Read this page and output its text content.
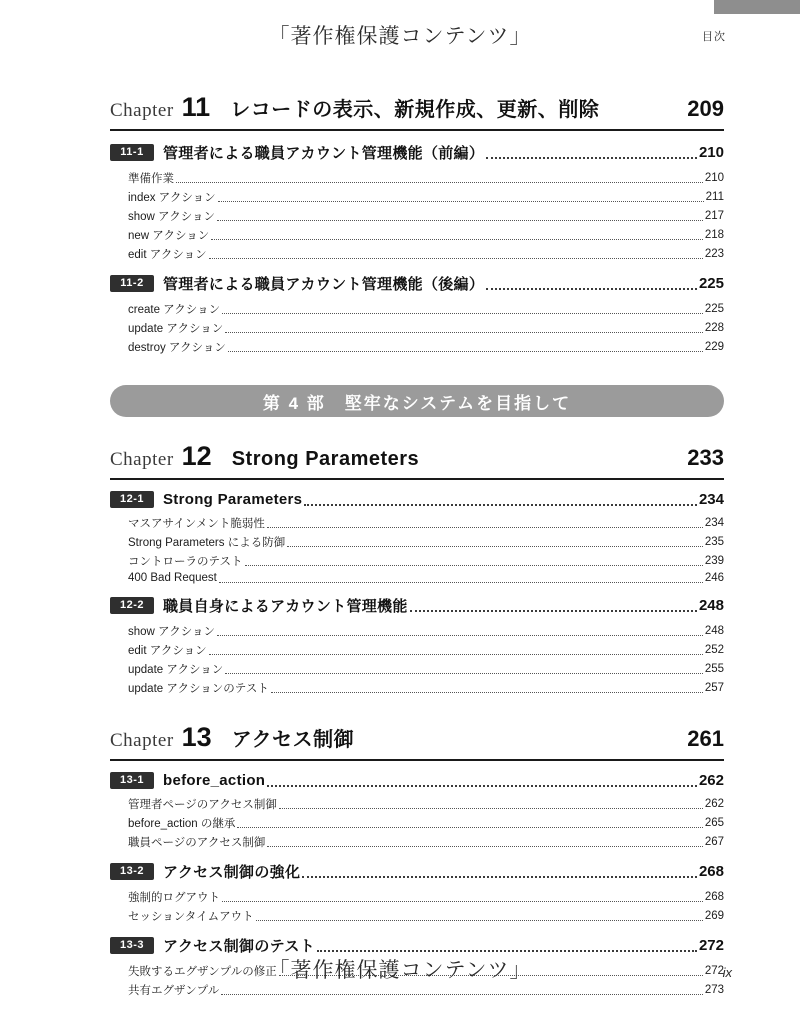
「著作権保護コンテンツ」	目次
Chapter 11 レコードの表示、新規作成、更新、削除	209
11-1	管理者による職員アカウント管理機能（前編）	210
準備作業	210
index アクション	211
show アクション	217
new アクション	218
edit アクション	223
11-2	管理者による職員アカウント管理機能（後編）	225
create アクション	225
update アクション	228
destroy アクション	229
第 4 部　堅牢なシステムを目指して
Chapter 12 Strong Parameters	233
12-1	Strong Parameters	234
マスアサインメント脆弱性	234
Strong Parameters による防御	235
コントローラのテスト	239
400 Bad Request	246
12-2	職員自身によるアカウント管理機能	248
show アクション	248
edit アクション	252
update アクション	255
update アクションのテスト	257
Chapter 13 アクセス制御	261
13-1	before_action	262
管理者ページのアクセス制御	262
before_action の継承	265
職員ページのアクセス制御	267
13-2	アクセス制御の強化	268
強制的ログアウト	268
セッションタイムアウト	269
13-3	アクセス制御のテスト	272
失敗するエグザンプルの修正	272
共有エグザンプル	273
「著作権保護コンテンツ」	ix
